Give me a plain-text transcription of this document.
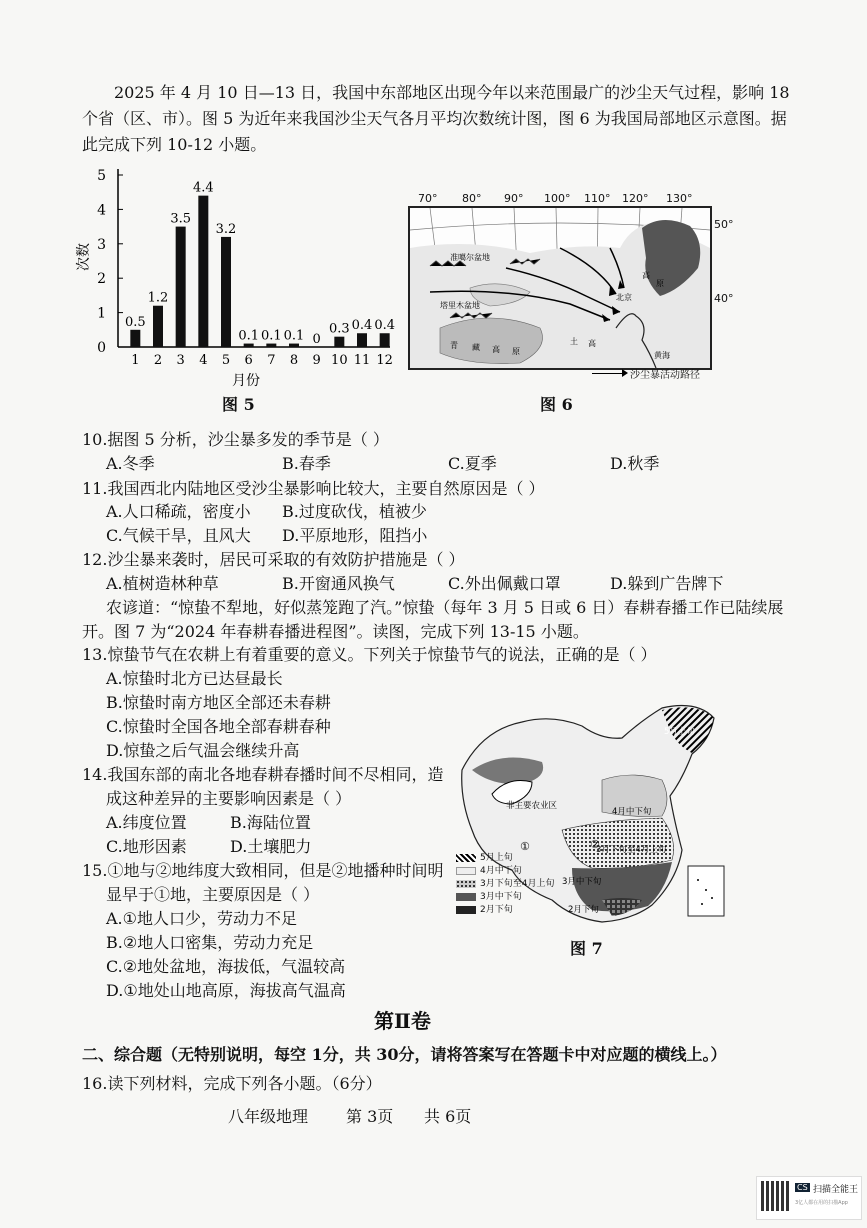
2025 年 4 月 10 日—13 日，我国中东部地区出现今年以来范围最广的沙尘天气过程，影响 18 个省（区、市）。图 5 为近年来我国沙尘天气各月平均次数统计图，图 6 为我国局部地区示意图。据此完成下列 10-12 小题。
0
1
2
3
4
5
次数
0.5
1
1.2
2
3.5
3
4.4
4
3.2
5
0.1
6
0.1
7
0.1
8
0
9
0.3
10
0.4
11
0.4
12
月份
图 5
准噶尔盆地
塔里木盆地
青 藏 高 原
土 高
北京
黄海
高
原
70° 80° 90° 100° 110° 120° 130°
50°
40°
沙尘暴活动路径
图 6
10.据图 5 分析，沙尘暴多发的季节是（ ）
A.冬季	B.春季	C.夏季	D.秋季
11.我国西北内陆地区受沙尘暴影响比较大，主要自然原因是（ ）
A.人口稀疏，密度小 B.过度砍伐，植被少
C.气候干旱，且风大 D.平原地形，阻挡小
12.沙尘暴来袭时，居民可采取的有效防护措施是（ ）
A.植树造林种草	B.开窗通风换气	C.外出佩戴口罩	D.躲到广告牌下
农谚道：“惊蛰不犁地，好似蒸笼跑了汽。”惊蛰（每年 3 月 5 日或 6 日）春耕春播工作已陆续展开。图 7 为“2024 年春耕春播进程图”。读图，完成下列 13-15 小题。
13.惊蛰节气在农耕上有着重要的意义。下列关于惊蛰节气的说法，正确的是（ ）
A.惊蛰时北方已达昼最长
B.惊蛰时南方地区全部还未春耕
C.惊蛰时全国各地全部春耕春种
D.惊蛰之后气温会继续升高
14.我国东部的南北各地春耕春播时间不尽相同，造
成这种差异的主要影响因素是（ ）
A.纬度位置	B.海陆位置
C.地形因素	D.土壤肥力
15.①地与②地纬度大致相同，但是②地播种时间明
显早于①地，主要原因是（ ）
A.①地人口少，劳动力不足
B.②地人口密集，劳动力充足
C.②地处盆地，海拔低，气温较高
D.①地处山地高原，海拔高气温高
①	②
5月上旬
非主要农业区
4月中下旬
3月下旬至4月上旬
3月中下旬
2月下旬
5月上旬
4月中下旬
3月下旬至4月上旬
3月中下旬
2月下旬
图 7
第Ⅱ卷
二、综合题（无特别说明，每空 1分，共 30分，请将答案写在答题卡中对应题的横线上。）
16.读下列材料，完成下列各小题。（6分）
八年级地理 第 3页 共 6页
CS 扫描全能王
3亿人都在用的扫描App
